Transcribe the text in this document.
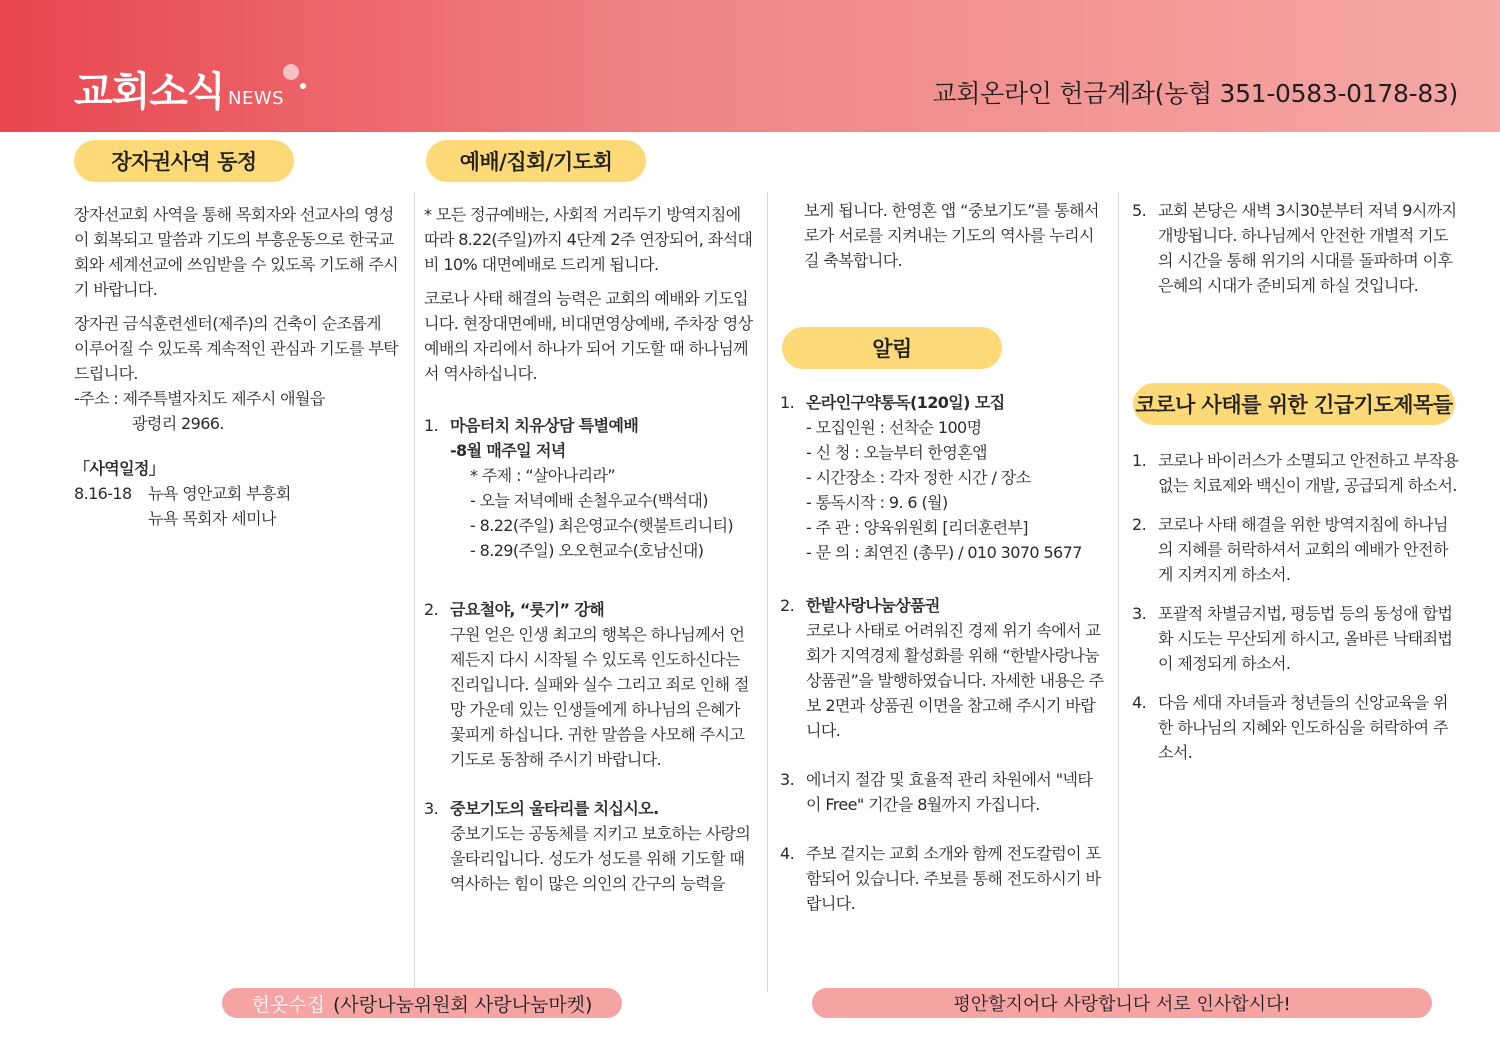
교회소식 NEWS	교회온라인 헌금계좌(농협 351-0583-0178-83)
장자권사역 동정	예배/집회/기도회
알림
코로나 사태를 위한 긴급기도제목들

장자선교회 사역을 통해 목회자와 선교사의 영성이 회복되고 말씀과 기도의 부흥운동으로 한국교회와 세계선교에 쓰임받을 수 있도록 기도해 주시기 바랍니다.

장자권 금식훈련센터(제주)의 건축이 순조롭게 이루어질 수 있도록 계속적인 관심과 기도를 부탁드립니다.
-주소 : 제주특별자치도 제주시 애월읍
광령리 2966.
「사역일정」
8.16-18	뉴욕 영안교회 부흥회
뉴욕 목회자 세미나

* 모든 정규예배는, 사회적 거리두기 방역지침에 따라 8.22(주일)까지 4단계 2주 연장되어, 좌석대비 10% 대면예배로 드리게 됩니다.

코로나 사태 해결의 능력은 교회의 예배와 기도입니다. 현장대면예배, 비대면영상예배, 주차장 영상예배의 자리에서 하나가 되어 기도할 때 하나님께서 역사하십니다.

1. 마음터치 치유상담 특별예배
-8월 매주일 저녁
* 주제 : “살아나리라”
- 오늘 저녁예배 손철우교수(백석대)
- 8.22(주일) 최은영교수(햇불트리니티)
- 8.29(주일) 오오현교수(호남신대)
2. 금요철야, “룻기” 강해
구원 얻은 인생 최고의 행복은 하나님께서 언제든지 다시 시작될 수 있도록 인도하신다는 진리입니다. 실패와 실수 그리고 죄로 인해 절망 가운데 있는 인생들에게 하나님의 은혜가 꽃피게 하십니다. 귀한 말씀을 사모해 주시고 기도로 동참해 주시기 바랍니다.
3. 중보기도의 울타리를 치십시오.
중보기도는 공동체를 지키고 보호하는 사랑의 울타리입니다. 성도가 성도를 위해 기도할 때 역사하는 힘이 많은 의인의 간구의 능력을
보게 됩니다. 한영혼 앱 “중보기도”를 통해서로가 서로를 지켜내는 기도의 역사를 누리시길 축복합니다.
1. 온라인구약통독(120일) 모집
- 모집인원 : 선착순 100명
- 신 청 : 오늘부터 한영혼앱
- 시간장소 : 각자 정한 시간 / 장소
- 통독시작 : 9. 6 (월)
- 주 관 : 양육위원회 [리더훈련부]
- 문 의 : 최연진 (총무) / 010 3070 5677
2. 한밭사랑나눔상품권
코로나 사태로 어려워진 경제 위기 속에서 교회가 지역경제 활성화를 위해 “한밭사랑나눔상품권”을 발행하였습니다. 자세한 내용은 주보 2면과 상품권 이면을 참고해 주시기 바랍니다.
3. 에너지 절감 및 효율적 관리 차원에서 "넥타이 Free" 기간을 8월까지 가집니다.
4. 주보 겉지는 교회 소개와 함께 전도칼럼이 포함되어 있습니다. 주보를 통해 전도하시기 바랍니다.
5. 교회 본당은 새벽 3시30분부터 저녁 9시까지 개방됩니다. 하나님께서 안전한 개별적 기도의 시간을 통해 위기의 시대를 돌파하며 이후 은혜의 시대가 준비되게 하실 것입니다.
1. 코로나 바이러스가 소멸되고 안전하고 부작용 없는 치료제와 백신이 개발, 공급되게 하소서.
2. 코로나 사태 해결을 위한 방역지침에 하나님의 지혜를 허락하셔서 교회의 예배가 안전하게 지켜지게 하소서.
3. 포괄적 차별금지법, 평등법 등의 동성애 합법화 시도는 무산되게 하시고, 올바른 낙태죄법이 제정되게 하소서.
4. 다음 세대 자녀들과 청년들의 신앙교육을 위한 하나님의 지혜와 인도하심을 허락하여 주소서.
헌옷수집 (사랑나눔위원회 사랑나눔마켓)	평안할지어다 사랑합니다 서로 인사합시다!
